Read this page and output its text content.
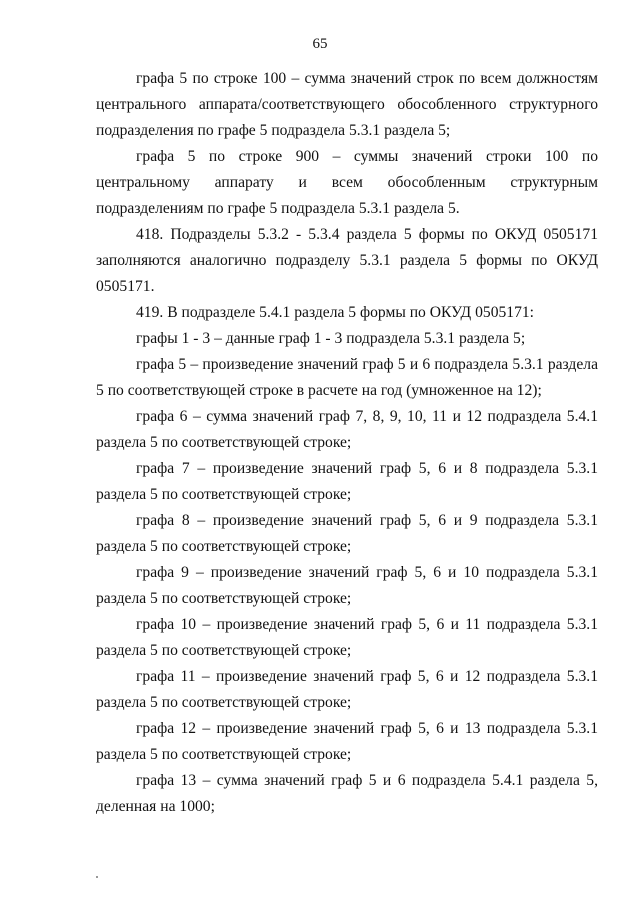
65

графа 5 по строке 100 – сумма значений строк по всем должностям центрального аппарата/соответствующего обособленного структурного подразделения по графе 5 подраздела 5.3.1 раздела 5;

графа 5 по строке 900 – суммы значений строки 100 по центральному аппарату и всем обособленным структурным подразделениям по графе 5 подраздела 5.3.1 раздела 5.

418. Подразделы 5.3.2 - 5.3.4 раздела 5 формы по ОКУД 0505171 заполняются аналогично подразделу 5.3.1 раздела 5 формы по ОКУД 0505171.

419. В подразделе 5.4.1 раздела 5 формы по ОКУД 0505171:

графы 1 - 3 – данные граф 1 - 3 подраздела 5.3.1 раздела 5;

графа 5 – произведение значений граф 5 и 6 подраздела 5.3.1 раздела 5 по соответствующей строке в расчете на год (умноженное на 12);

графа 6 – сумма значений граф 7, 8, 9, 10, 11 и 12 подраздела 5.4.1 раздела 5 по соответствующей строке;

графа 7 – произведение значений граф 5, 6 и 8 подраздела 5.3.1 раздела 5 по соответствующей строке;

графа 8 – произведение значений граф 5, 6 и 9 подраздела 5.3.1 раздела 5 по соответствующей строке;

графа 9 – произведение значений граф 5, 6 и 10 подраздела 5.3.1 раздела 5 по соответствующей строке;

графа 10 – произведение значений граф 5, 6 и 11 подраздела 5.3.1 раздела 5 по соответствующей строке;

графа 11 – произведение значений граф 5, 6 и 12 подраздела 5.3.1 раздела 5 по соответствующей строке;

графа 12 – произведение значений граф 5, 6 и 13 подраздела 5.3.1 раздела 5 по соответствующей строке;

графа 13 – сумма значений граф 5 и 6 подраздела 5.4.1 раздела 5, деленная на 1000;
